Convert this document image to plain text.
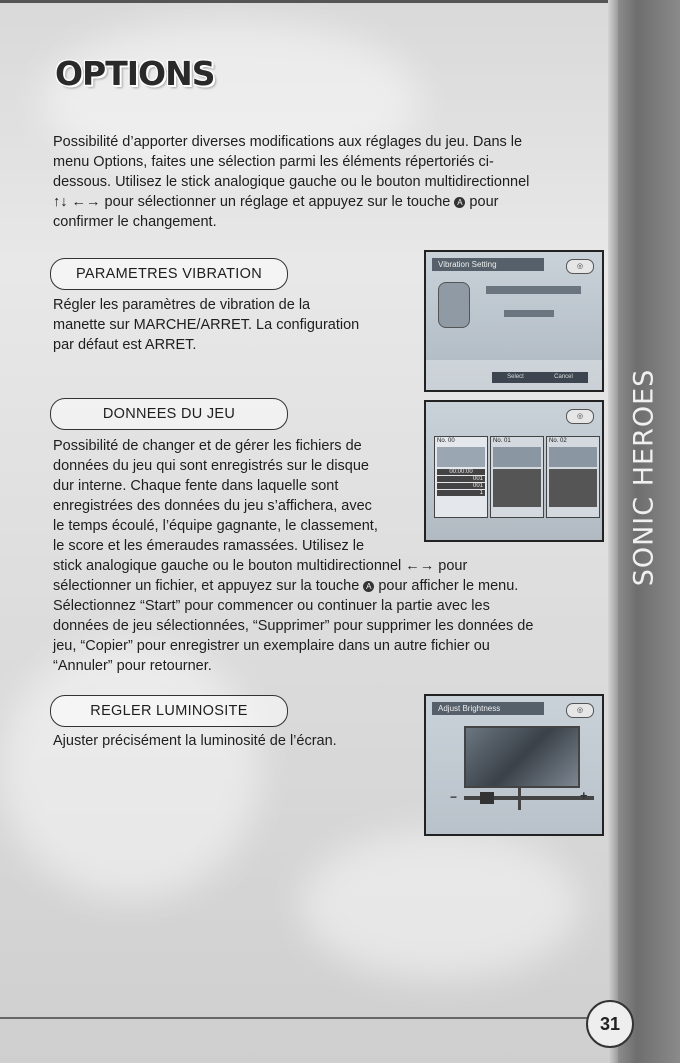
SONIC HEROES
OPTIONS
Possibilité d’apporter diverses modifications aux réglages du jeu. Dans le
menu Options, faites une sélection parmi les éléments répertoriés ci-
dessous. Utilisez le stick analogique gauche ou le bouton multidirectionnel
↑↓ ←→ pour sélectionner un réglage et appuyez sur le touche A pour
confirmer le changement.
PARAMETRES VIBRATION
Régler les paramètres de vibration de la
manette sur MARCHE/ARRET. La configuration
par défaut est ARRET.
Vibration Setting	◎
Select	Cancel
DONNEES DU JEU
Possibilité de changer et de gérer les fichiers de
données du jeu qui sont enregistrés sur le disque
dur interne. Chaque fente dans laquelle sont
enregistrées des données du jeu s’affichera, avec
le temps écoulé, l’équipe gagnante, le classement,
le score et les émeraudes ramassées. Utilisez le
stick analogique gauche ou le bouton multidirectionnel ←→ pour
sélectionner un fichier, et appuyez sur la touche A pour afficher le menu.
Sélectionnez “Start” pour commencer ou continuer la partie avec les
données de jeu sélectionnées, “Supprimer” pour supprimer les données de
jeu, “Copier” pour enregistrer un exemplaire dans un autre fichier ou
“Annuler” pour retourner.
◎
No. 00
00:00:00
001
001
1
No. 01	No. 02
REGLER LUMINOSITE
Ajuster précisément la luminosité de l’écran.
Adjust Brightness	◎
−	+
31
